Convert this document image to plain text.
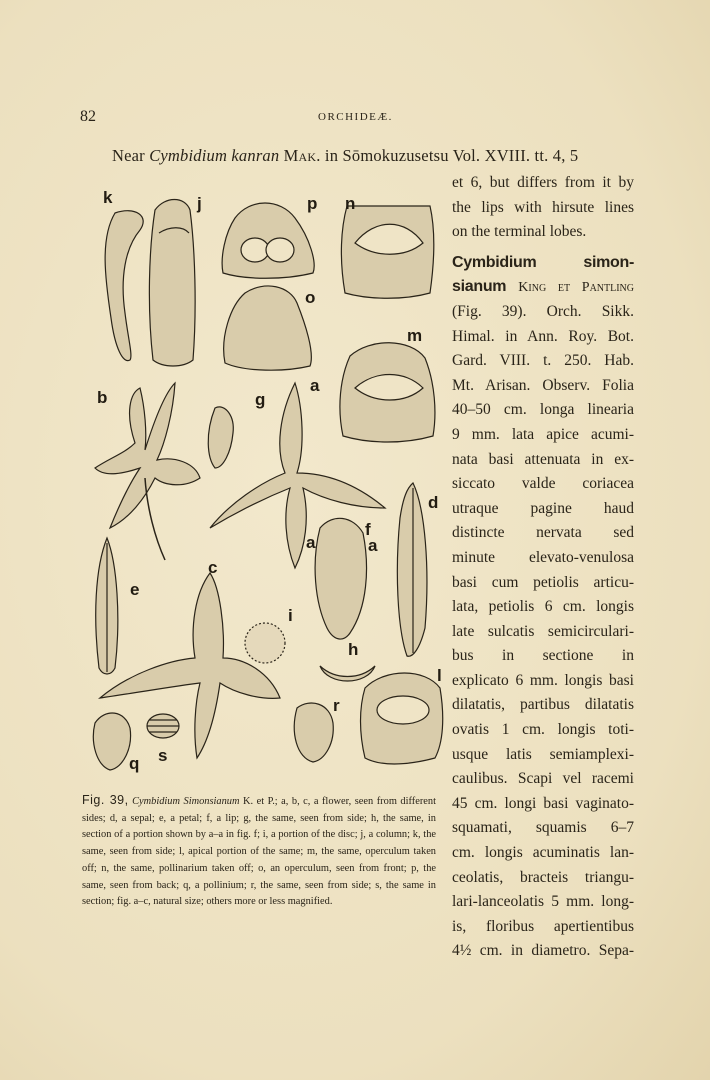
82	ORCHIDEÆ.
Near Cymbidium kanran Mak. in Sōmokuzusetsu Vol. XVIII. tt. 4, 5
et 6, but differs from it by
the lips with hirsute lines
on the terminal lobes.
Cymbidium simon-
sianum King et Pantling
(Fig. 39). Orch. Sikk.
Himal. in Ann. Roy. Bot.
Gard. VIII. t. 250. Hab.
Mt. Arisan. Observ. Folia
40–50 cm. longa linearia
9 mm. lata apice acumi-
nata basi attenuata in ex-
siccato valde coriacea
utraque pagine haud
distincte nervata sed
minute elevato-venulosa
basi cum petiolis articu-
lata, petiolis 6 cm. longis
late sulcatis semicirculari-
bus in sectione in
explicato 6 mm. longis basi
dilatatis, partibus dilatatis
ovatis 1 cm. longis toti-
usque latis semiamplexi-
caulibus. Scapi vel racemi
45 cm. longi basi vaginato-
squamati, squamis 6–7
cm. longis acuminatis lan-
ceolatis, bracteis triangu-
lari-lanceolatis 5 mm. long-
is, floribus apertientibus
4½ cm. in diametro. Sepa-
k	j	p n
o
m
b	g
a
d
f
a	a
c
e
i
h
l
r
q s
Fig. 39, Cymbidium Simonsianum K. et P.; a, b, c, a flower, seen from different sides; d, a sepal; e, a petal; f, a lip; g, the same, seen from side; h, the same, in section of a portion shown by a–a in fig. f; i, a portion of the disc; j, a column; k, the same, seen from side; l, apical portion of the same; m, the same, operculum taken off; n, the same, pollinarium taken off; o, an operculum, seen from front; p, the same, seen from back; q, a pollinium; r, the same, seen from side; s, the same in section; fig. a–c, natural size; others more or less magnified.
